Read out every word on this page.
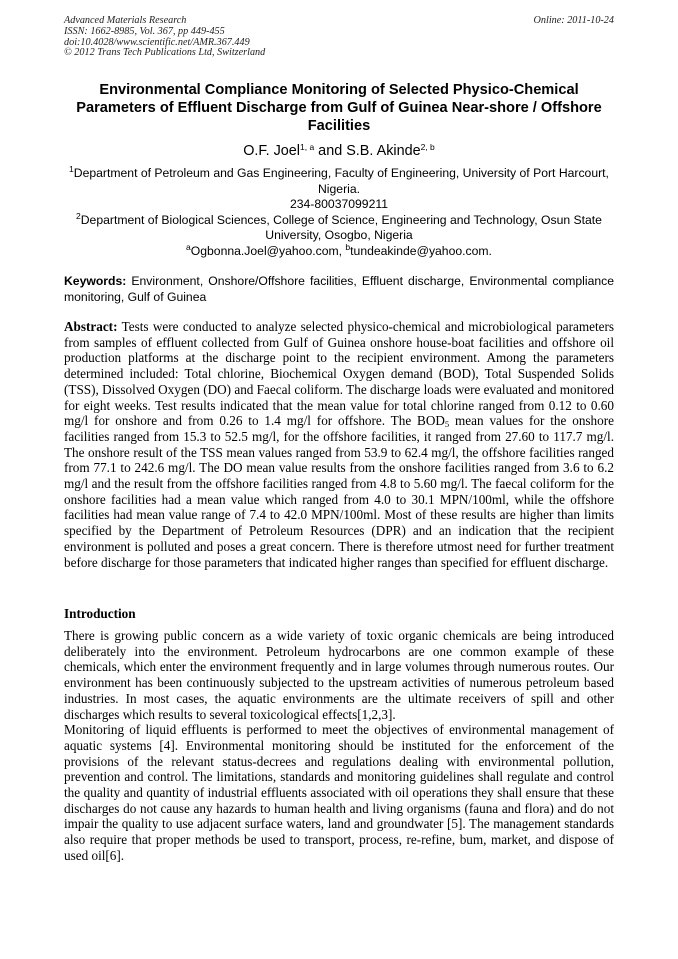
Advanced Materials Research
ISSN: 1662-8985, Vol. 367, pp 449-455
doi:10.4028/www.scientific.net/AMR.367.449
© 2012 Trans Tech Publications Ltd, Switzerland
Online: 2011-10-24
Environmental Compliance Monitoring of Selected Physico-Chemical Parameters of Effluent Discharge from Gulf of Guinea Near-shore / Offshore Facilities
O.F. Joel$^{1, a}$ and S.B. Akinde$^{2, b}$

$^1$Department of Petroleum and Gas Engineering, Faculty of Engineering, University of Port Harcourt, Nigeria.

234-80037099211

$^2$Department of Biological Sciences, College of Science, Engineering and Technology, Osun State University, Osogbo, Nigeria

$^a$Ogbonna.Joel@yahoo.com, $^b$tundeakinde@yahoo.com.

Keywords: Environment, Onshore/Offshore facilities, Effluent discharge, Environmental compliance monitoring, Gulf of Guinea
Abstract: Tests were conducted to analyze selected physico-chemical and microbiological parameters from samples of effluent collected from Gulf of Guinea onshore house-boat facilities and offshore oil production platforms at the discharge point to the recipient environment. Among the parameters determined included: Total chlorine, Biochemical Oxygen demand (BOD), Total Suspended Solids (TSS), Dissolved Oxygen (DO) and Faecal coliform. The discharge loads were evaluated and monitored for eight weeks. Test results indicated that the mean value for total chlorine ranged from 0.12 to 0.60 mg/l for onshore and from 0.26 to 1.4 mg/l for offshore. The $BOD_5$ mean values for the onshore facilities ranged from 15.3 to 52.5 mg/l, for the offshore facilities, it ranged from 27.60 to 117.7 mg/l. The onshore result of the TSS mean values ranged from 53.9 to 62.4 mg/l, the offshore facilities ranged from 77.1 to 242.6 mg/l. The DO mean value results from the onshore facilities ranged from 3.6 to 6.2 mg/l and the result from the offshore facilities ranged from 4.8 to 5.60 mg/l. The faecal coliform for the onshore facilities had a mean value which ranged from 4.0 to 30.1 MPN/100ml, while the offshore facilities had mean value range of 7.4 to 42.0 MPN/100ml. Most of these results are higher than limits specified by the Department of Petroleum Resources (DPR) and an indication that the recipient environment is polluted and poses a great concern. There is therefore utmost need for further treatment before discharge for those parameters that indicated higher ranges than specified for effluent discharge.
Introduction

There is growing public concern as a wide variety of toxic organic chemicals are being introduced deliberately into the environment. Petroleum hydrocarbons are one common example of these chemicals, which enter the environment frequently and in large volumes through numerous routes. Our environment has been continuously subjected to the upstream activities of numerous petroleum based industries. In most cases, the aquatic environments are the ultimate receivers of spill and other discharges which results to several toxicological effects[1,2,3].

Monitoring of liquid effluents is performed to meet the objectives of environmental management of aquatic systems [4]. Environmental monitoring should be instituted for the enforcement of the provisions of the relevant status-decrees and regulations dealing with environmental pollution, prevention and control. The limitations, standards and monitoring guidelines shall regulate and control the quality and quantity of industrial effluents associated with oil operations they shall ensure that these discharges do not cause any hazards to human health and living organisms (fauna and flora) and do not impair the quality to use adjacent surface waters, land and groundwater [5]. The management standards also require that proper methods be used to transport, process, re-refine, bum, market, and dispose of used oil[6].
